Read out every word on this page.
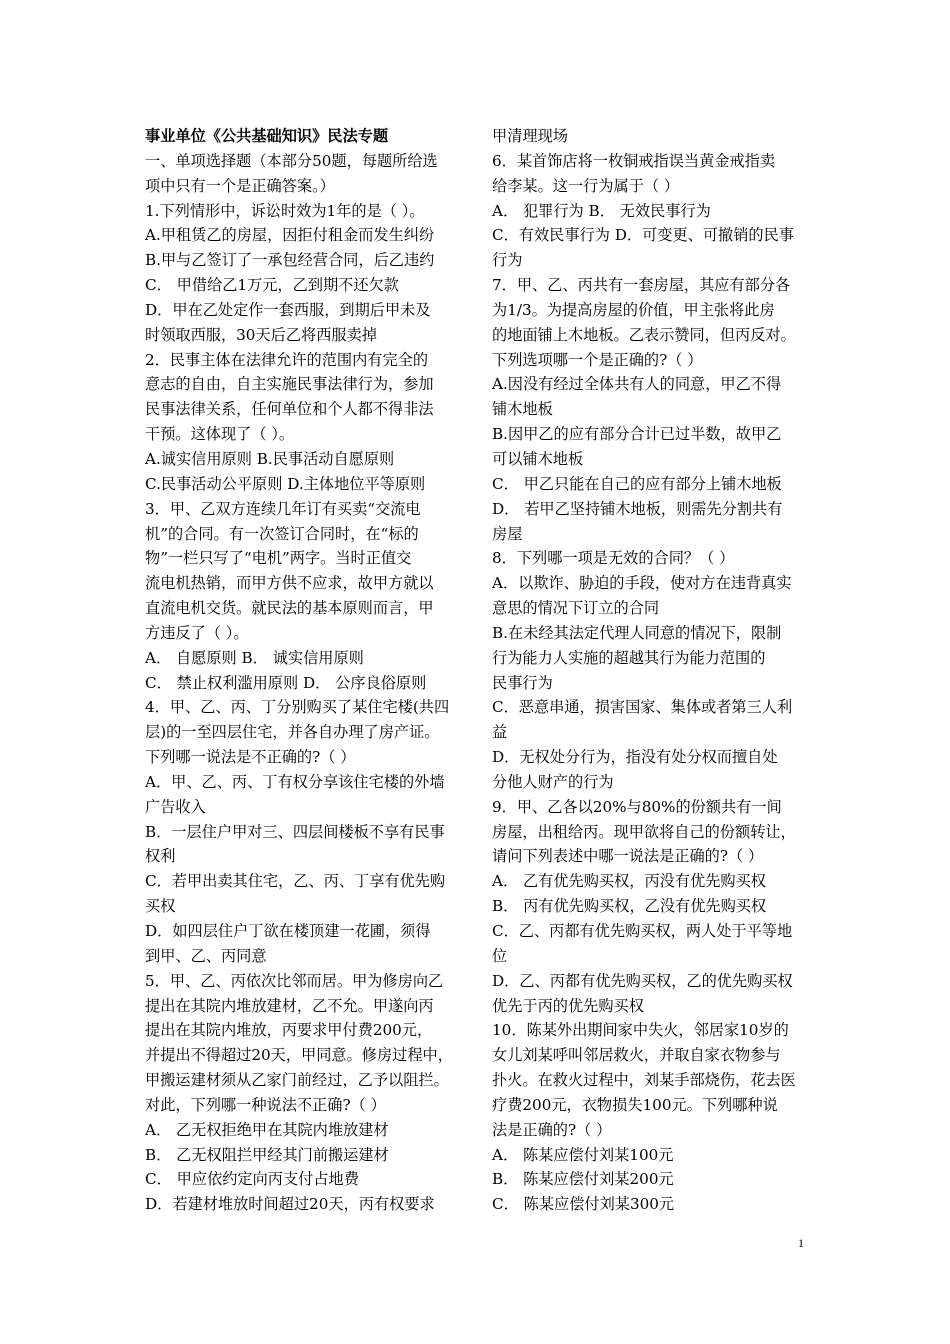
事业单位《公共基础知识》民法专题
一、单项选择题（本部分50题，每题所给选
项中只有一个是正确答案。）
1.下列情形中，诉讼时效为1年的是（ ）。
A.甲租赁乙的房屋，因拒付租金而发生纠纷
B.甲与乙签订了一承包经营合同，后乙违约
C． 甲借给乙1万元，乙到期不还欠款
D．甲在乙处定作一套西服，到期后甲未及
时领取西服，30天后乙将西服卖掉
2．民事主体在法律允许的范围内有完全的
意志的自由，自主实施民事法律行为，参加
民事法律关系，任何单位和个人都不得非法
干预。这体现了（ ）。
A.诚实信用原则 B.民事活动自愿原则
C.民事活动公平原则 D.主体地位平等原则
3．甲、乙双方连续几年订有买卖“交流电
机”的合同。有一次签订合同时，在“标的
物”一栏只写了“电机”两字。当时正值交
流电机热销，而甲方供不应求，故甲方就以
直流电机交货。就民法的基本原则而言，甲
方违反了（ ）。
A． 自愿原则 B． 诚实信用原则
C． 禁止权利滥用原则 D． 公序良俗原则
4．甲、乙、丙、丁分别购买了某住宅楼(共四
层)的一至四层住宅，并各自办理了房产证。
下列哪一说法是不正确的?（ ）
A．甲、乙、丙、丁有权分享该住宅楼的外墙
广告收入
B．一层住户甲对三、四层间楼板不享有民事
权利
C．若甲出卖其住宅，乙、丙、丁享有优先购
买权
D．如四层住户丁欲在楼顶建一花圃，须得
到甲、乙、丙同意
5．甲、乙、丙依次比邻而居。甲为修房向乙
提出在其院内堆放建材，乙不允。甲遂向丙
提出在其院内堆放，丙要求甲付费200元，
并提出不得超过20天，甲同意。修房过程中，
甲搬运建材须从乙家门前经过，乙予以阻拦。
对此，下列哪一种说法不正确?（ ）
A． 乙无权拒绝甲在其院内堆放建材
B． 乙无权阻拦甲经其门前搬运建材
C． 甲应依约定向丙支付占地费
D．若建材堆放时间超过20天，丙有权要求
甲清理现场
6．某首饰店将一枚铜戒指误当黄金戒指卖
给李某。这一行为属于（ ）
A． 犯罪行为 B． 无效民事行为
C．有效民事行为 D．可变更、可撤销的民事
行为
7．甲、乙、丙共有一套房屋，其应有部分各
为1/3。为提高房屋的价值，甲主张将此房
的地面铺上木地板。乙表示赞同，但丙反对。
下列选项哪一个是正确的?（ ）
A.因没有经过全体共有人的同意，甲乙不得
铺木地板
B.因甲乙的应有部分合计已过半数，故甲乙
可以铺木地板
C． 甲乙只能在自己的应有部分上铺木地板
D． 若甲乙坚持铺木地板，则需先分割共有
房屋
8．下列哪一项是无效的合同？（ ）
A．以欺诈、胁迫的手段，使对方在违背真实
意思的情况下订立的合同
B.在未经其法定代理人同意的情况下，限制
行为能力人实施的超越其行为能力范围的
民事行为
C．恶意串通，损害国家、集体或者第三人利
益
D．无权处分行为，指没有处分权而擅自处
分他人财产的行为
9．甲、乙各以20%与80%的份额共有一间
房屋，出租给丙。现甲欲将自己的份额转让，
请问下列表述中哪一说法是正确的?（ ）
A． 乙有优先购买权，丙没有优先购买权
B． 丙有优先购买权，乙没有优先购买权
C．乙、丙都有优先购买权，两人处于平等地
位
D．乙、丙都有优先购买权，乙的优先购买权
优先于丙的优先购买权
10．陈某外出期间家中失火，邻居家10岁的
女儿刘某呼叫邻居救火，并取自家衣物参与
扑火。在救火过程中，刘某手部烧伤，花去医
疗费200元，衣物损失100元。下列哪种说
法是正确的?（ ）
A． 陈某应偿付刘某100元
B． 陈某应偿付刘某200元
C． 陈某应偿付刘某300元
1
